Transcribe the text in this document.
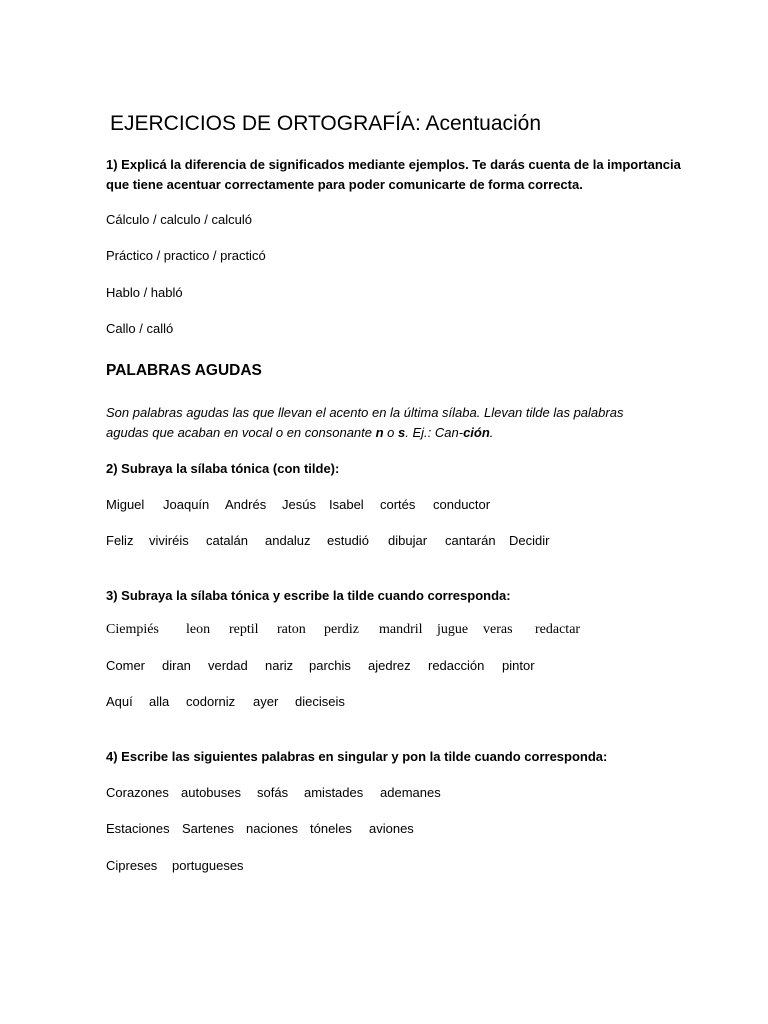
EJERCICIOS DE ORTOGRAFÍA: Acentuación
1) Explicá la diferencia de significados mediante ejemplos. Te darás cuenta de la importancia
que tiene acentuar correctamente para poder comunicarte de forma correcta.
Cálculo / calculo / calculó
Práctico / practico / practicó
Hablo / habló
Callo / calló
PALABRAS AGUDAS
Son palabras agudas las que llevan el acento en la última sílaba. Llevan tilde las palabras
agudas que acaban en vocal o en consonante n o s. Ej.: Can-ción.
2) Subraya la sílaba tónica (con tilde):
Miguel Joaquín Andrés Jesús Isabel cortés conductor
Feliz viviréis catalán andaluz estudió dibujar cantarán Decidir
3) Subraya la sílaba tónica y escribe la tilde cuando corresponda:
Ciempiés leon reptil raton perdiz mandril jugue veras redactar
Comer diran verdad nariz parchis ajedrez redacción pintor
Aquí alla codorniz ayer dieciseis
4) Escribe las siguientes palabras en singular y pon la tilde cuando corresponda:
Corazones autobuses sofás amistades ademanes
Estaciones Sartenes naciones tóneles aviones
Cipreses portugueses
